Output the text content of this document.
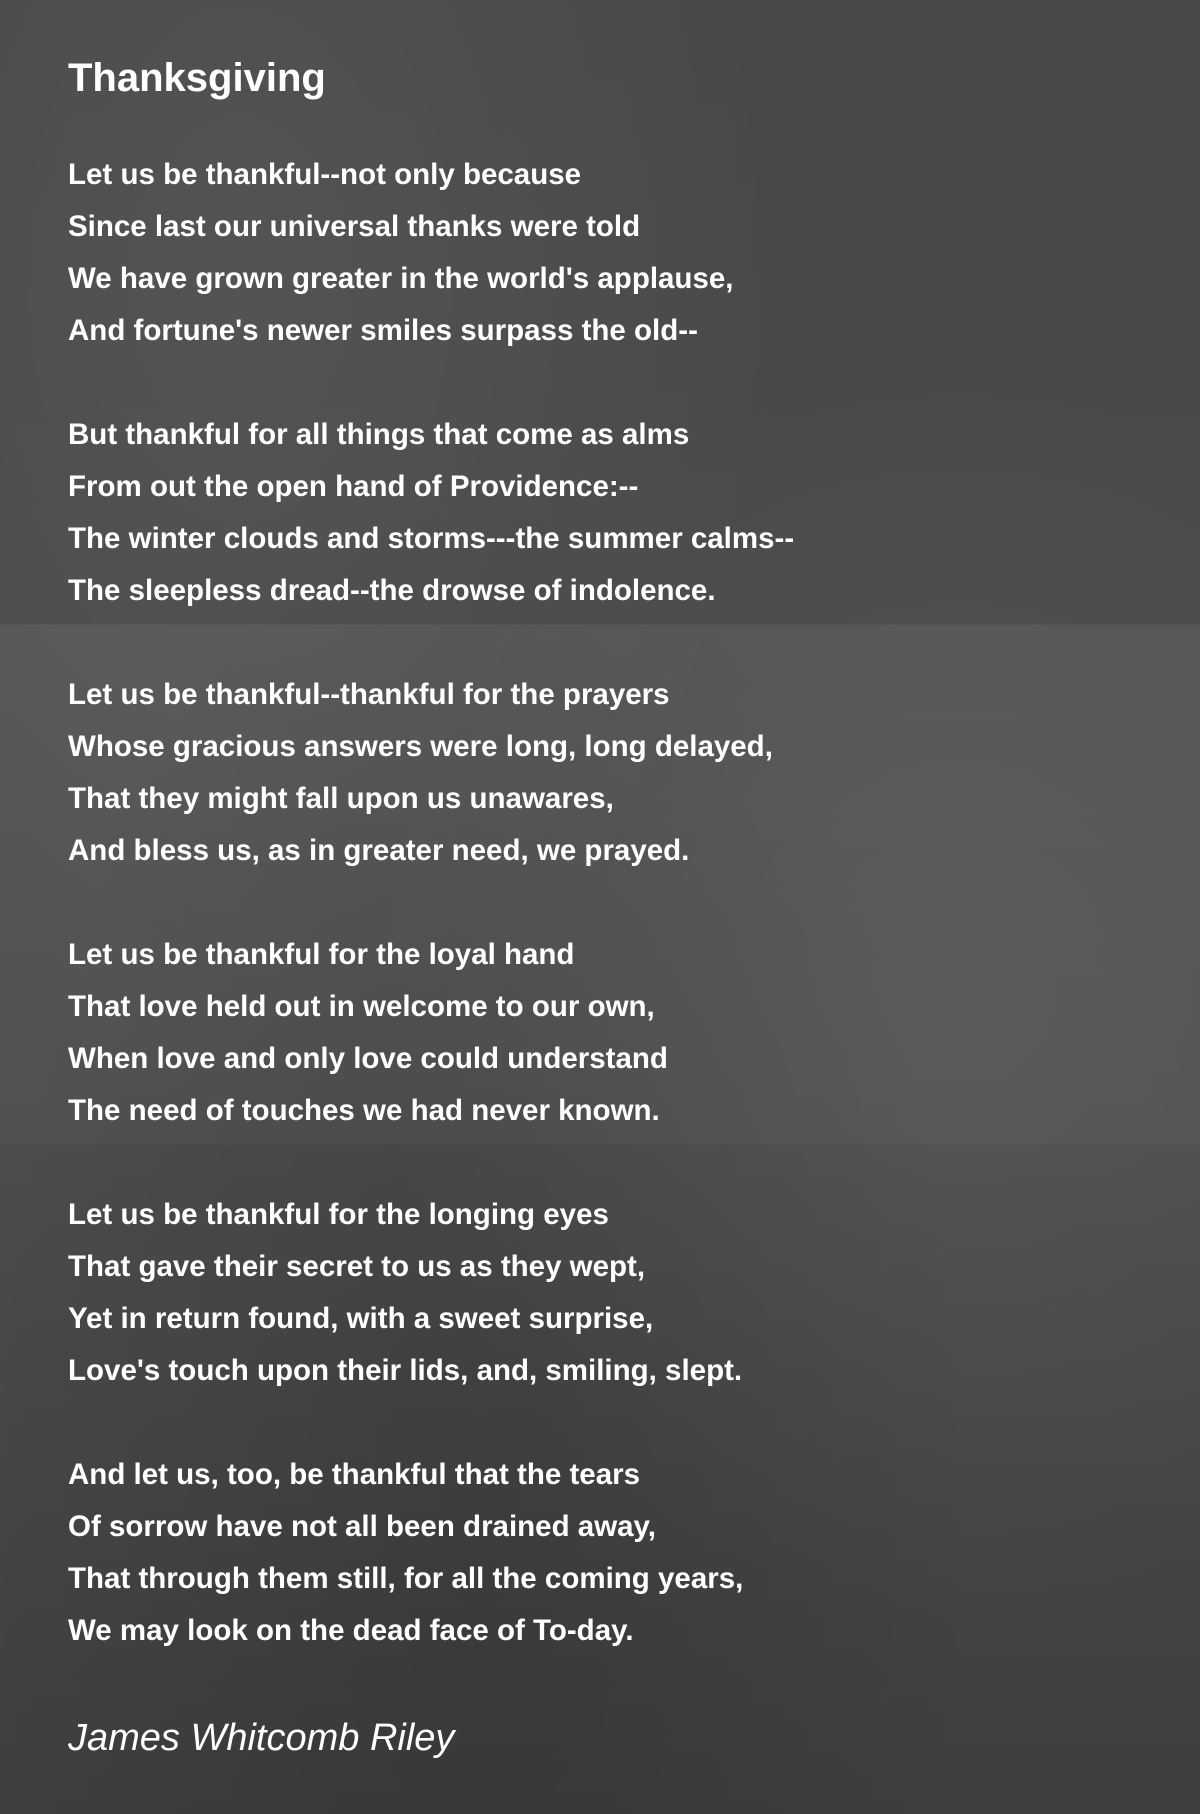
Thanksgiving
Let us be thankful--not only because
Since last our universal thanks were told
We have grown greater in the world's applause,
And fortune's newer smiles surpass the old--
But thankful for all things that come as alms
From out the open hand of Providence:--
The winter clouds and storms---the summer calms--
The sleepless dread--the drowse of indolence.
Let us be thankful--thankful for the prayers
Whose gracious answers were long, long delayed,
That they might fall upon us unawares,
And bless us, as in greater need, we prayed.
Let us be thankful for the loyal hand
That love held out in welcome to our own,
When love and only love could understand
The need of touches we had never known.
Let us be thankful for the longing eyes
That gave their secret to us as they wept,
Yet in return found, with a sweet surprise,
Love's touch upon their lids, and, smiling, slept.
And let us, too, be thankful that the tears
Of sorrow have not all been drained away,
That through them still, for all the coming years,
We may look on the dead face of To-day.
James Whitcomb Riley
